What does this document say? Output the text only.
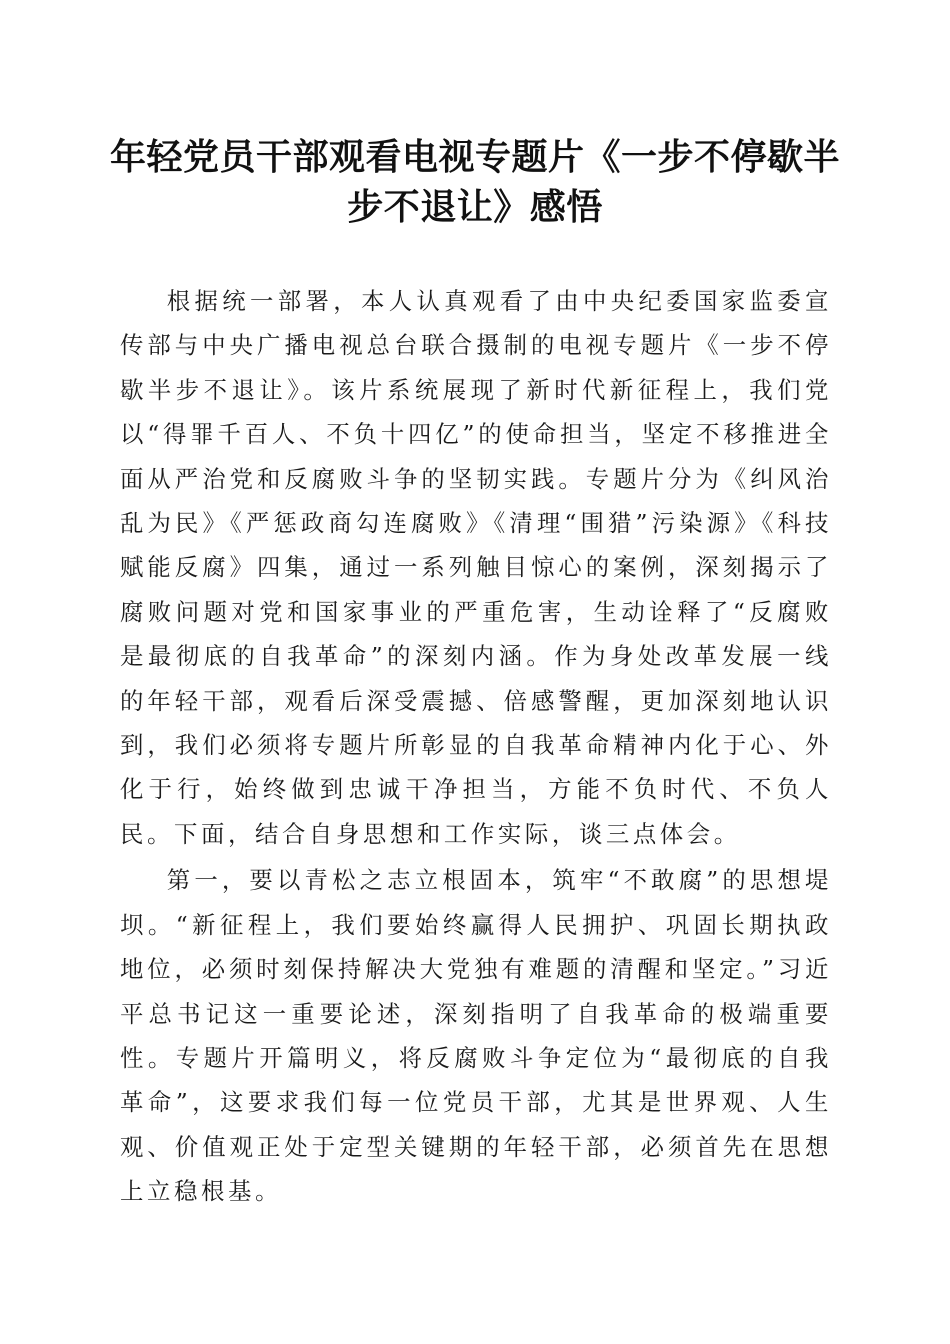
年轻党员干部观看电视专题片《一步不停歇半步不退让》感悟

根据统一部署，本人认真观看了由中央纪委国家监委宣传部与中央广播电视总台联合摄制的电视专题片《一步不停歇半步不退让》。该片系统展现了新时代新征程上，我们党以“得罪千百人、不负十四亿”的使命担当，坚定不移推进全面从严治党和反腐败斗争的坚韧实践。专题片分为《纠风治乱为民》《严惩政商勾连腐败》《清理“围猎”污染源》《科技赋能反腐》四集，通过一系列触目惊心的案例，深刻揭示了腐败问题对党和国家事业的严重危害，生动诠释了“反腐败是最彻底的自我革命”的深刻内涵。作为身处改革发展一线的年轻干部，观看后深受震撼、倍感警醒，更加深刻地认识到，我们必须将专题片所彰显的自我革命精神内化于心、外化于行，始终做到忠诚干净担当，方能不负时代、不负人民。下面，结合自身思想和工作实际，谈三点体会。

第一，要以青松之志立根固本，筑牢“不敢腐”的思想堤坝。“新征程上，我们要始终赢得人民拥护、巩固长期执政地位，必须时刻保持解决大党独有难题的清醒和坚定。”习近平总书记这一重要论述，深刻指明了自我革命的极端重要性。专题片开篇明义，将反腐败斗争定位为“最彻底的自我革命”，这要求我们每一位党员干部，尤其是世界观、人生观、价值观正处于定型关键期的年轻干部，必须首先在思想上立稳根基。
